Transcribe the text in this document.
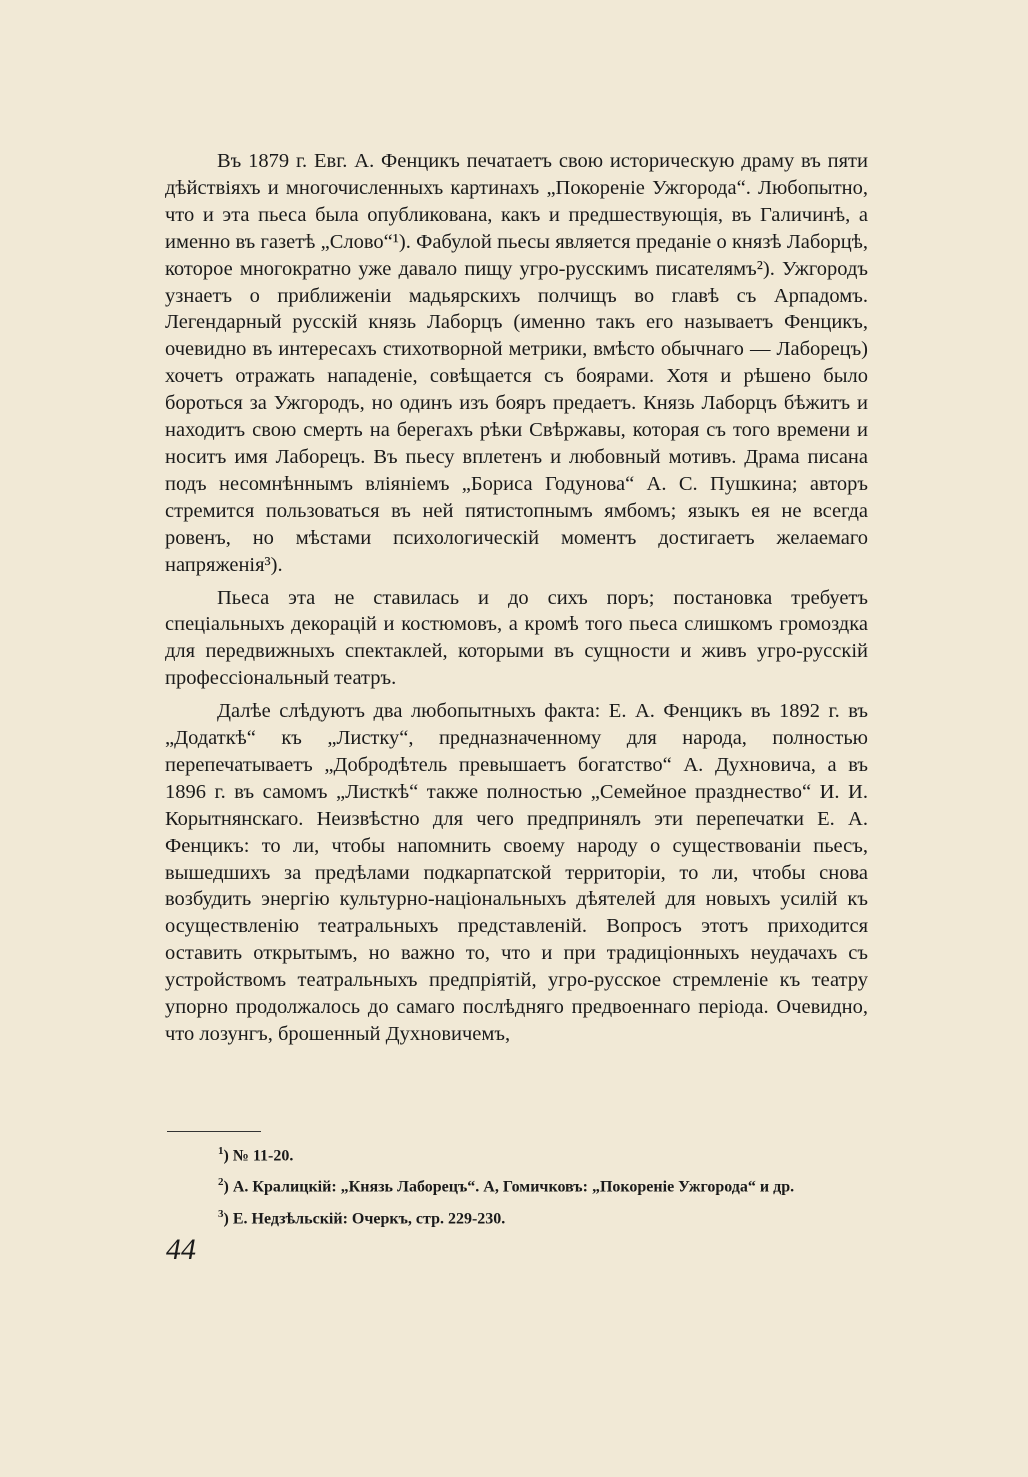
Въ 1879 г. Евг. А. Фенцикъ печатаетъ свою историческую драму въ пяти дѣйствiяхъ и многочисленныхъ картинахъ „Покоренiе Ужгорода“. Любопытно, что и эта пьеса была опубликована, какъ и предшествующiя, въ Галичинѣ, а именно въ газетѣ „Слово“¹). Фабулой пьесы является преданiе о князѣ Лаборцѣ, которое многократно уже давало пищу угро-русскимъ писателямъ²). Ужгородъ узнаетъ о приближенiи мадьярскихъ полчищъ во главѣ съ Арпадомъ. Легендарный русскiй князь Лаборцъ (именно такъ его называетъ Фенцикъ, очевидно въ интересахъ стихотворной метрики, вмѣсто обычнаго — Лаборецъ) хочетъ отражать нападенiе, совѣщается съ боярами. Хотя и рѣшено было бороться за Ужгородъ, но одинъ изъ бояръ предаетъ. Князь Лаборцъ бѣжитъ и находитъ свою смерть на берегахъ рѣки Свѣржавы, которая съ того времени и носитъ имя Лаборецъ. Въ пьесу вплетенъ и любовный мотивъ. Драма писана подъ несомнѣннымъ влiянiемъ „Бориса Годунова“ А. С. Пушкина; авторъ стремится пользоваться въ ней пятистопнымъ ямбомъ; языкъ ея не всегда ровенъ, но мѣстами психологическiй моментъ достигаетъ желаемаго напряженiя³).

Пьеса эта не ставилась и до сихъ поръ; постановка требуетъ спецiальныхъ декорацiй и костюмовъ, а кромѣ того пьеса слишкомъ громоздка для передвижныхъ спектаклей, которыми въ сущности и живъ угро-русскiй профессiональный театръ.

Далѣе слѣдуютъ два любопытныхъ факта: Е. А. Фенцикъ въ 1892 г. въ „Додаткѣ“ къ „Листку“, предназначенному для народа, полностью перепечатываетъ „Добродѣтель превышаетъ богатство“ А. Духновича, а въ 1896 г. въ самомъ „Листкѣ“ также полностью „Семейное празднество“ И. И. Корытнянскаго. Неизвѣстно для чего предпринялъ эти перепечатки Е. А. Фенцикъ: то ли, чтобы напомнить своему народу о существованiи пьесъ, вышедшихъ за предѣлами подкарпатской территорiи, то ли, чтобы снова возбудить энергiю культурно-нацiональныхъ дѣятелей для новыхъ усилiй къ осуществленiю театральныхъ представленiй. Вопросъ этотъ приходится оставить открытымъ, но важно то, что и при традицiонныхъ неудачахъ съ устройствомъ театральныхъ предпрiятiй, угро-русское стремленiе къ театру упорно продолжалось до самаго послѣдняго предвоеннаго перiода. Очевидно, что лозунгъ, брошенный Духновичемъ,

$^1$) № 11-20.

$^2$) А. Кралицкiй: „Князь Лаборецъ“. А, Гомичковъ: „Покоренiе Ужгорода“ и др.

$^3$) Е. Недзѣльскiй: Очеркъ, стр. 229-230.

44
